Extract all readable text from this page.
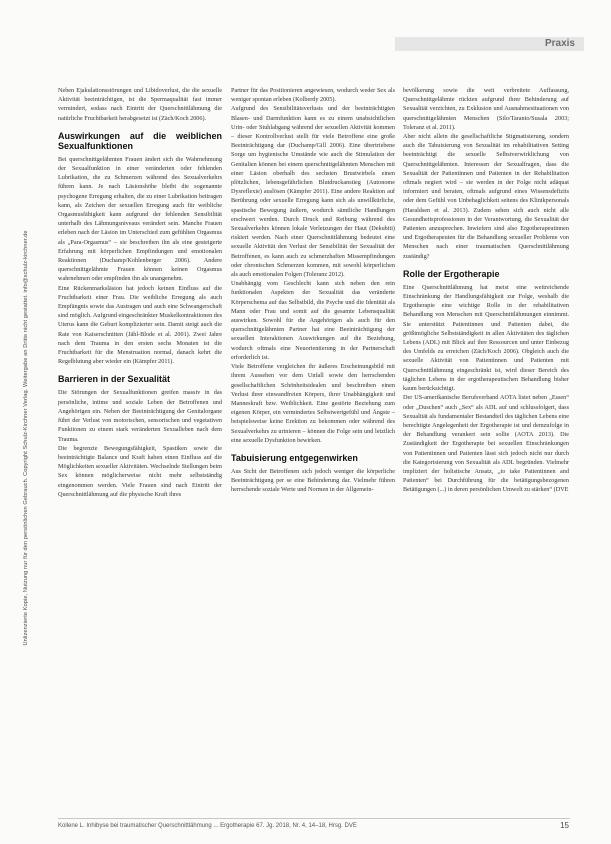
Praxis
Unlizenzierte Kopie, Nutzung nur für den persönlichen Gebrauch. Copyright Schulz-Kirchner Verlag. Weitergabe an Dritte nicht gestattet. info@schulz-kirchner.de

Neben Ejakulationsstörungen und Libidoverlust, die die sexuelle Aktivität beeinträchtigen, ist die Spermaqualität fast immer vermindert, sodass nach Eintritt der Querschnittlähmung die natürliche Fruchtbarkeit herabgesetzt ist (Zäch/Koch 2006).

Auswirkungen auf die weiblichen Sexualfunktionen

Bei querschnittgelähmten Frauen ändert sich die Wahrnehmung der Sexualfunktion in einer veränderten oder fehlenden Lubrikation, die zu Schmerzen während des Sexualverkehrs führen kann. Je nach Läsionshöhe bleibt die sogenannte psychogene Erregung erhalten, die zu einer Lubrikation beitragen kann, als Zeichen der sexuellen Erregung auch für weibliche Orgasmusfähigkeit kann aufgrund der fehlenden Sensibilität unterhalb des Lähmungsniveaus verändert sein. Manche Frauen erleben nach der Läsion im Unterschied zum gefühlten Orgasmus als „Para-Orgasmus“ – sie beschreiben ihn als eine gesteigerte Erfahrung mit körperlichen Empfindungen und emotionalen Reaktionen (Duchamp/Kohlenberger 2006). Andere querschnittgelähmte Frauen können keinen Orgasmus wahrnehmen oder empfinden ihn als unangenehm.

Eine Rückenmarksläsion hat jedoch keinen Einfluss auf die Fruchtbarkeit einer Frau. Die weibliche Erregung als auch Empfängnis sowie das Austragen und auch eine Schwangerschaft sind möglich. Aufgrund eingeschränkter Muskelkontraktionen des Uterus kann die Geburt komplizierter sein. Damit steigt auch die Rate von Kaiserschnitten (Jähl-Blode et al. 2001). Zwei Jahre nach dem Trauma in den ersten sechs Monaten ist die Fruchtbarkeit für die Menstruation normal, danach kehrt die Regelblutung aber wieder ein (Kämpfer 2011).

Barrieren in der Sexualität

Die Störungen der Sexualfunktionen greifen massiv in das persönliche, intime und soziale Leben der Betroffenen und Angehörigen ein. Neben der Beeinträchtigung der Genitalorgane führt der Verlust von motorischen, sensorischen und vegetativen Funktionen zu einem stark veränderten Sexualleben nach dem Trauma.

Die begrenzte Bewegungsfähigkeit, Spastiken sowie die beeinträchtigte Balance und Kraft haben einen Einfluss auf die Möglichkeiten sexueller Aktivitäten. Wechselnde Stellungen beim Sex können möglicherweise nicht mehr selbstständig eingenommen werden. Viele Frauen sind nach Eintritt der Querschnittlähmung auf die physische Kraft ihres

Partner für das Positionieren angewiesen, wodurch weder Sex als weniger spontan erleben (Kolberdy 2005).

Aufgrund des Sensibilitätsverlusts und der beeinträchtigten Blasen- und Darmfunktion kann es zu einem unabsichtlichen Urin- oder Stuhlabgang während der sexuellen Aktivität kommen – dieser Kontrollverlust stellt für viele Betroffene eine große Beeinträchtigung dar (Duchamp/Gill 2006). Eine übertriebene Sorge um hygienische Umstände wie auch die Stimulation der Genitalien können bei einem querschnittgelähmten Menschen mit einer Läsion oberhalb des sechsten Brustwirbels einen plötzlichen, lebensgefährlichen Blutdruckanstieg (Autonome Dysreflexie) auslösen (Kämpfer 2011). Eine andere Reaktion auf Berührung oder sexuelle Erregung kann sich als unwillkürliche, spastische Bewegung äußern, wodurch sämtliche Handlungen erschwert werden. Durch Druck und Reibung während des Sexualverkehrs können lokale Verletzungen der Haut (Dekubiti) riskiert werden. Nach einer Querschnittlähmung bedeutet eine sexuelle Aktivität den Verlust der Sensibilität der Sexualität der Betroffenen, es kann auch zu schmerzhaften Missempfindungen oder chronischen Schmerzen kommen, mit sowohl körperlichen als auch emotionalen Folgen (Toleranz 2012).

Unabhängig vom Geschlecht kann sich neben den rein funktionalen Aspekten der Sexualität das veränderte Körperschema auf das Selbstbild, die Psyche und die Identität als Mann oder Frau und somit auf die gesamte Lebensqualität auswirken. Sowohl für die Angehörigen als auch für den querschnittgelähmten Partner hat eine Beeinträchtigung der sexuellen Interaktionen Auswirkungen auf die Beziehung, wodurch oftmals eine Neuorientierung in der Partnerschaft erforderlich ist.

Viele Betroffene vergleichen ihr äußeres Erscheinungsbild mit ihrem Aussehen vor dem Unfall sowie den herrschenden gesellschaftlichen Schönheitsidealen und beschreiben einen Verlust ihrer einwandfreien Körpers, ihrer Unabhängigkeit und Manneskraft bzw. Weiblichkeit. Eine gestörte Beziehung zum eigenen Körper, ein vermindertes Selbstwertgefühl und Ängste – beispielsweise keine Erektion zu bekommen oder während des Sexualverkehrs zu urinieren – können die Folge sein und letztlich eine sexuelle Dysfunktion bewirken.

Tabuisierung entgegenwirken

Aus Sicht der Betroffenen sich jedoch weniger die körperliche Beeinträchtigung per se eine Behinderung dar. Vielmehr führen herrschende soziale Werte und Normen in der Allgemein-

bevölkerung sowie die weit verbreitete Auffassung, Querschnittgelähmte rückten aufgrund ihrer Behinderung auf Sexualität verzichten, zu Exklusion und Ausnahmesituationen von querschnittgelähmten Menschen (Silo/Taranto/Susala 2003; Toleranz et al. 2011).

Aber nicht allein die gesellschaftliche Stigmatisierung, sondern auch die Tabuisierung von Sexualität im rehabilitativen Setting beeinträchtigt die sexuelle Selbstverwirklichung von Querschnittgelähmten. Interessen der Sexualfragen, dass die Sexualität der Patientinnen und Patienten in der Rehabilitation oftmals negiert wird – sie werden in der Folge nicht adäquat informiert und beraten, oftmals aufgrund eines Wissensdefizits oder dem Gefühl von Unbehaglichkeit seitens des Klinikpersonals (Haraldsen et al. 2013). Zudem sehen sich auch nicht alle Gesundheitsprofessionen in der Verantwortung, die Sexualität der Patienten anzusprechen. Inwiefern sind also Ergotherapeutinnen und Ergotherapeuten für die Behandlung sexueller Probleme von Menschen nach einer traumatischen Querschnittlähmung zuständig?

Rolle der Ergotherapie

Eine Querschnittlähmung hat meist eine weitreichende Einschränkung der Handlungsfähigkeit zur Folge, weshalb die Ergotherapie eine wichtige Rolle in der rehabilitativen Behandlung von Menschen mit Querschnittlähmungen einnimmt. Sie unterstützt Patientinnen und Patienten dabei, die größtmögliche Selbstständigkeit in allen Aktivitäten des täglichen Lebens (ADL) mit Blick auf ihre Ressourcen und unter Einbezug des Umfelds zu erreichen (Zäch/Koch 2006). Obgleich auch die sexuelle Aktivität von Patientinnen und Patienten mit Querschnittlähmung eingeschränkt ist, wird dieser Bereich des täglichen Lebens in der ergotherapeutischen Behandlung bisher kaum berücksichtigt.

Der US-amerikanische Berufsverband AOTA listet neben „Essen“ oder „Duschen“ auch „Sex“ als ADL auf und schlussfolgert, dass Sexualität als fundamentaler Bestandteil des täglichen Lebens eine berechtigte Angelegenheit der Ergotherapie ist und demzufolge in der Behandlung verankert sein sollte (AOTA 2013). Die Zuständigkeit der Ergotherapie bei sexuellen Einschränkungen von Patientinnen und Patienten lässt sich jedoch nicht nur durch die Kategorisierung von Sexualität als ADL begründen. Vielmehr impliziert der holistische Ansatz, „to take Patientinnen and Patienten“ bei Durchführung für die betätigungsbezogenen Betätigungen (...) in deren persönlichen Umwelt zu stärken“ (DVE

Kollene L. Inhibyse bei traumatischer Querschnittlähmung ... Ergotherapie 67. Jg. 2018, Nr. 4, 14–18, Hrsg. DVE	15
